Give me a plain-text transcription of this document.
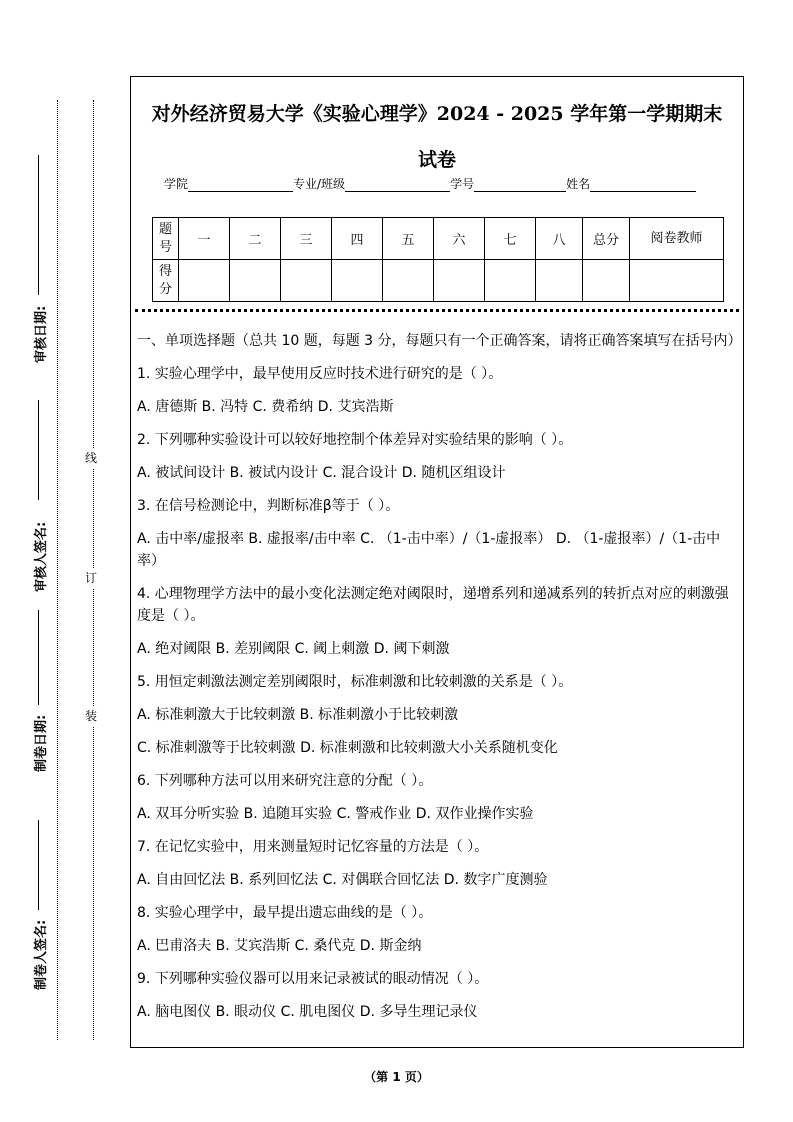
审核日期:
审核人签名:
制卷日期:
制卷人签名:
线
订
装
对外经济贸易大学《实验心理学》2024 - 2025 学年第一学期期末
试卷
学院	专业/班级	学号	姓名
题号	一	二	三	四	五	六	七	八	总分	阅卷教师
得分										
一、单项选择题（总共 10 题，每题 3 分，每题只有一个正确答案，请将正确答案填写在括号内）
1. 实验心理学中，最早使用反应时技术进行研究的是（ ）。
A. 唐德斯 B. 冯特 C. 费希纳 D. 艾宾浩斯
2. 下列哪种实验设计可以较好地控制个体差异对实验结果的影响（ ）。
A. 被试间设计 B. 被试内设计 C. 混合设计 D. 随机区组设计
3. 在信号检测论中，判断标准β等于（ ）。
A. 击中率/虚报率 B. 虚报率/击中率 C. （1-击中率）/（1-虚报率） D. （1-虚报率）/（1-击中率）
4. 心理物理学方法中的最小变化法测定绝对阈限时，递增系列和递减系列的转折点对应的刺激强度是（ ）。
A. 绝对阈限 B. 差别阈限 C. 阈上刺激 D. 阈下刺激
5. 用恒定刺激法测定差别阈限时，标准刺激和比较刺激的关系是（ ）。
A. 标准刺激大于比较刺激 B. 标准刺激小于比较刺激
C. 标准刺激等于比较刺激 D. 标准刺激和比较刺激大小关系随机变化
6. 下列哪种方法可以用来研究注意的分配（ ）。
A. 双耳分听实验 B. 追随耳实验 C. 警戒作业 D. 双作业操作实验
7. 在记忆实验中，用来测量短时记忆容量的方法是（ ）。
A. 自由回忆法 B. 系列回忆法 C. 对偶联合回忆法 D. 数字广度测验
8. 实验心理学中，最早提出遗忘曲线的是（ ）。
A. 巴甫洛夫 B. 艾宾浩斯 C. 桑代克 D. 斯金纳
9. 下列哪种实验仪器可以用来记录被试的眼动情况（ ）。
A. 脑电图仪 B. 眼动仪 C. 肌电图仪 D. 多导生理记录仪
（第 1 页）
